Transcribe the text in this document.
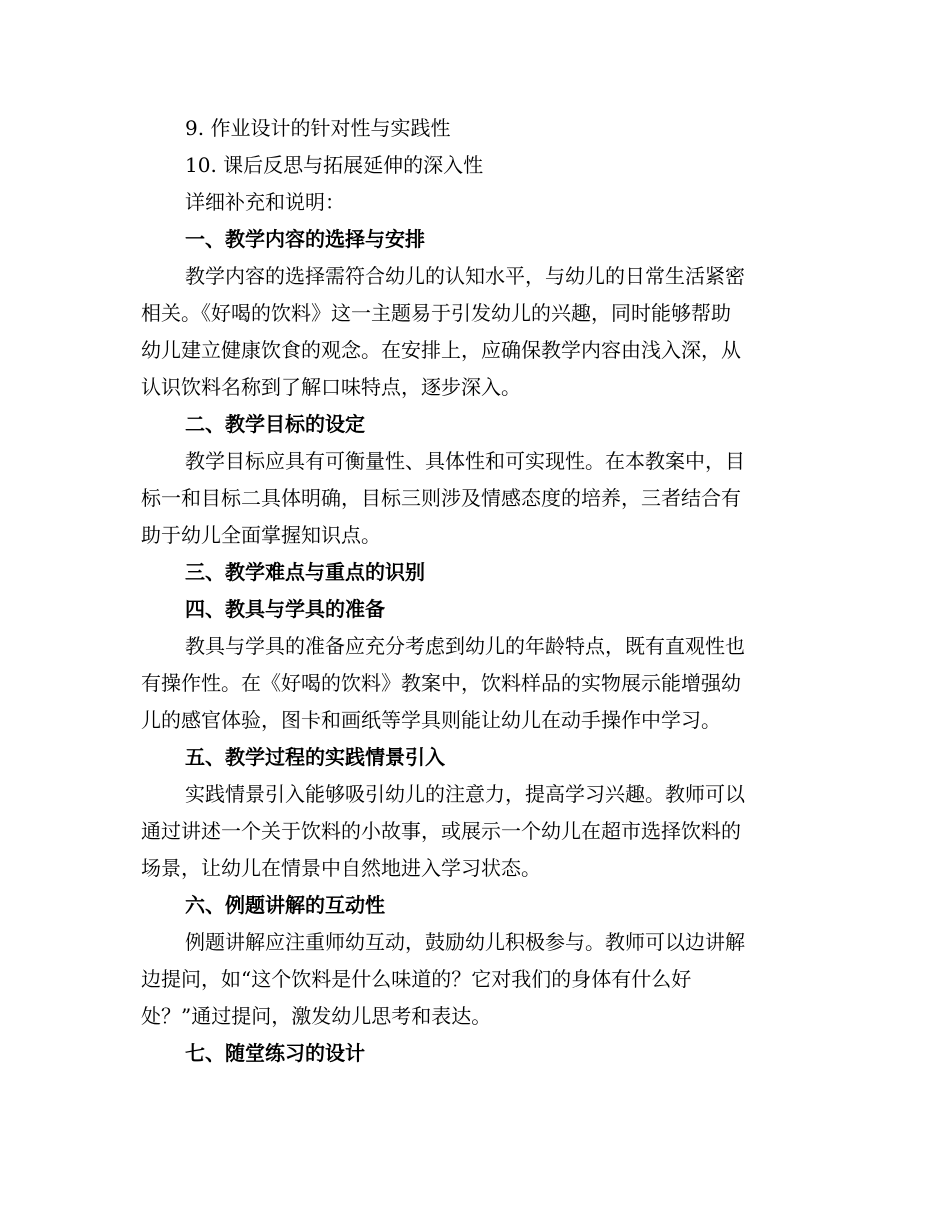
9. 作业设计的针对性与实践性
10. 课后反思与拓展延伸的深入性
详细补充和说明：
一、教学内容的选择与安排
教学内容的选择需符合幼儿的认知水平，与幼儿的日常生活紧密
相关。《好喝的饮料》这一主题易于引发幼儿的兴趣，同时能够帮助
幼儿建立健康饮食的观念。在安排上，应确保教学内容由浅入深，从
认识饮料名称到了解口味特点，逐步深入。
二、教学目标的设定
教学目标应具有可衡量性、具体性和可实现性。在本教案中，目
标一和目标二具体明确，目标三则涉及情感态度的培养，三者结合有
助于幼儿全面掌握知识点。
三、教学难点与重点的识别
四、教具与学具的准备
教具与学具的准备应充分考虑到幼儿的年龄特点，既有直观性也
有操作性。在《好喝的饮料》教案中，饮料样品的实物展示能增强幼
儿的感官体验，图卡和画纸等学具则能让幼儿在动手操作中学习。
五、教学过程的实践情景引入
实践情景引入能够吸引幼儿的注意力，提高学习兴趣。教师可以
通过讲述一个关于饮料的小故事，或展示一个幼儿在超市选择饮料的
场景，让幼儿在情景中自然地进入学习状态。
六、例题讲解的互动性
例题讲解应注重师幼互动，鼓励幼儿积极参与。教师可以边讲解
边提问，如“这个饮料是什么味道的？它对我们的身体有什么好
处？”通过提问，激发幼儿思考和表达。
七、随堂练习的设计
